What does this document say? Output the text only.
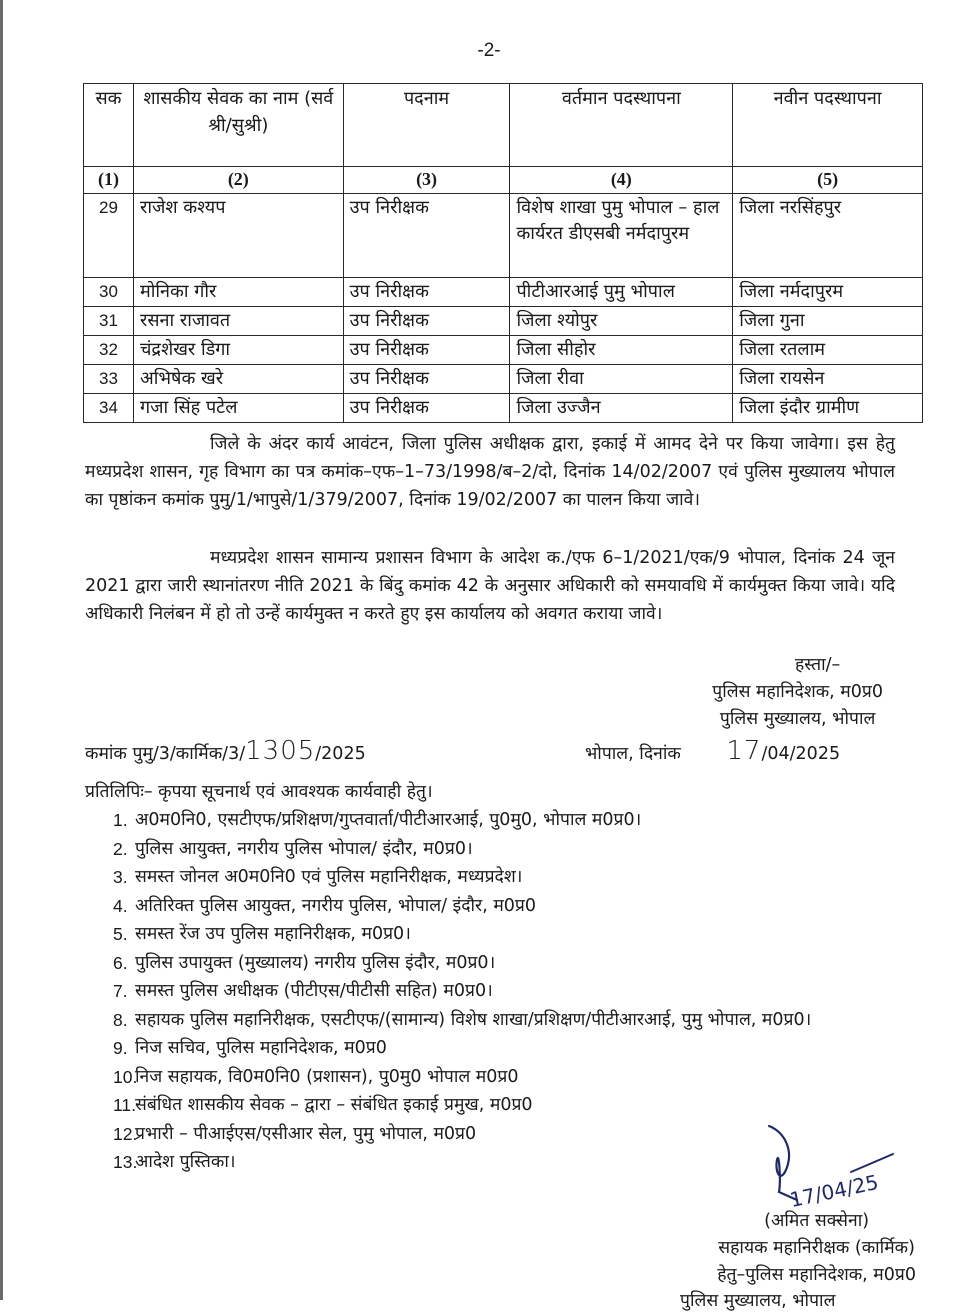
-2-
सक	शासकीय सेवक का नाम (सर्व श्री/सुश्री)	पदनाम	वर्तमान पदस्थापना	नवीन पदस्थापना
(1)	(2)	(3)	(4)	(5)
29	राजेश कश्यप	उप निरीक्षक	विशेष शाखा पुमु भोपाल – हाल कार्यरत डीएसबी नर्मदापुरम	जिला नरसिंहपुर
30	मोनिका गौर	उप निरीक्षक	पीटीआरआई पुमु भोपाल	जिला नर्मदापुरम
31	रसना राजावत	उप निरीक्षक	जिला श्योपुर	जिला गुना
32	चंद्रशेखर डिगा	उप निरीक्षक	जिला सीहोर	जिला रतलाम
33	अभिषेक खरे	उप निरीक्षक	जिला रीवा	जिला रायसेन
34	गजा सिंह पटेल	उप निरीक्षक	जिला उज्जैन	जिला इंदौर ग्रामीण
जिले के अंदर कार्य आवंटन, जिला पुलिस अधीक्षक द्वारा, इकाई में आमद देने पर किया जावेगा। इस हेतु मध्यप्रदेश शासन, गृह विभाग का पत्र कमांक–एफ–1–73/1998/ब–2/दो, दिनांक 14/02/2007 एवं पुलिस मुख्यालय भोपाल का पृष्ठांकन कमांक पुमु/1/भापुसे/1/379/2007, दिनांक 19/02/2007 का पालन किया जावे।
मध्यप्रदेश शासन सामान्य प्रशासन विभाग के आदेश क./एफ 6–1/2021/एक/9 भोपाल, दिनांक 24 जून 2021 द्वारा जारी स्थानांतरण नीति 2021 के बिंदु कमांक 42 के अनुसार अधिकारी को समयावधि में कार्यमुक्त किया जावे। यदि अधिकारी निलंबन में हो तो उन्हें कार्यमुक्त न करते हुए इस कार्यालय को अवगत कराया जावे।
हस्ता/–
पुलिस महानिदेशक, म0प्र0
पुलिस मुख्यालय, भोपाल
कमांक पुमु/3/कार्मिक/3/1305/2025	भोपाल, दिनांक 17/04/2025
प्रतिलिपिः– कृपया सूचनार्थ एवं आवश्यक कार्यवाही हेतु।
1. अ0म0नि0, एसटीएफ/प्रशिक्षण/गुप्तवार्ता/पीटीआरआई, पु0मु0, भोपाल म0प्र0।
2. पुलिस आयुक्त, नगरीय पुलिस भोपाल/ इंदौर, म0प्र0।
3. समस्त जोनल अ0म0नि0 एवं पुलिस महानिरीक्षक, मध्यप्रदेश।
4. अतिरिक्त पुलिस आयुक्त, नगरीय पुलिस, भोपाल/ इंदौर, म0प्र0
5. समस्त रेंज उप पुलिस महानिरीक्षक, म0प्र0।
6. पुलिस उपायुक्त (मुख्यालय) नगरीय पुलिस इंदौर, म0प्र0।
7. समस्त पुलिस अधीक्षक (पीटीएस/पीटीसी सहित) म0प्र0।
8. सहायक पुलिस महानिरीक्षक, एसटीएफ/(सामान्य) विशेष शाखा/प्रशिक्षण/पीटीआरआई, पुमु भोपाल, म0प्र0।
9. निज सचिव, पुलिस महानिदेशक, म0प्र0
10.
निज सहायक, वि0म0नि0 (प्रशासन), पु0मु0 भोपाल म0प्र0
11.
संबंधित शासकीय सेवक – द्वारा – संबंधित इकाई प्रमुख, म0प्र0
12.
प्रभारी – पीआईएस/एसीआर सेल, पुमु भोपाल, म0प्र0
13.
आदेश पुस्तिका।
17/04/25
(अमित सक्सेना)
सहायक महानिरीक्षक (कार्मिक)
हेतु–पुलिस महानिदेशक, म0प्र0
पुलिस मुख्यालय, भोपाल
